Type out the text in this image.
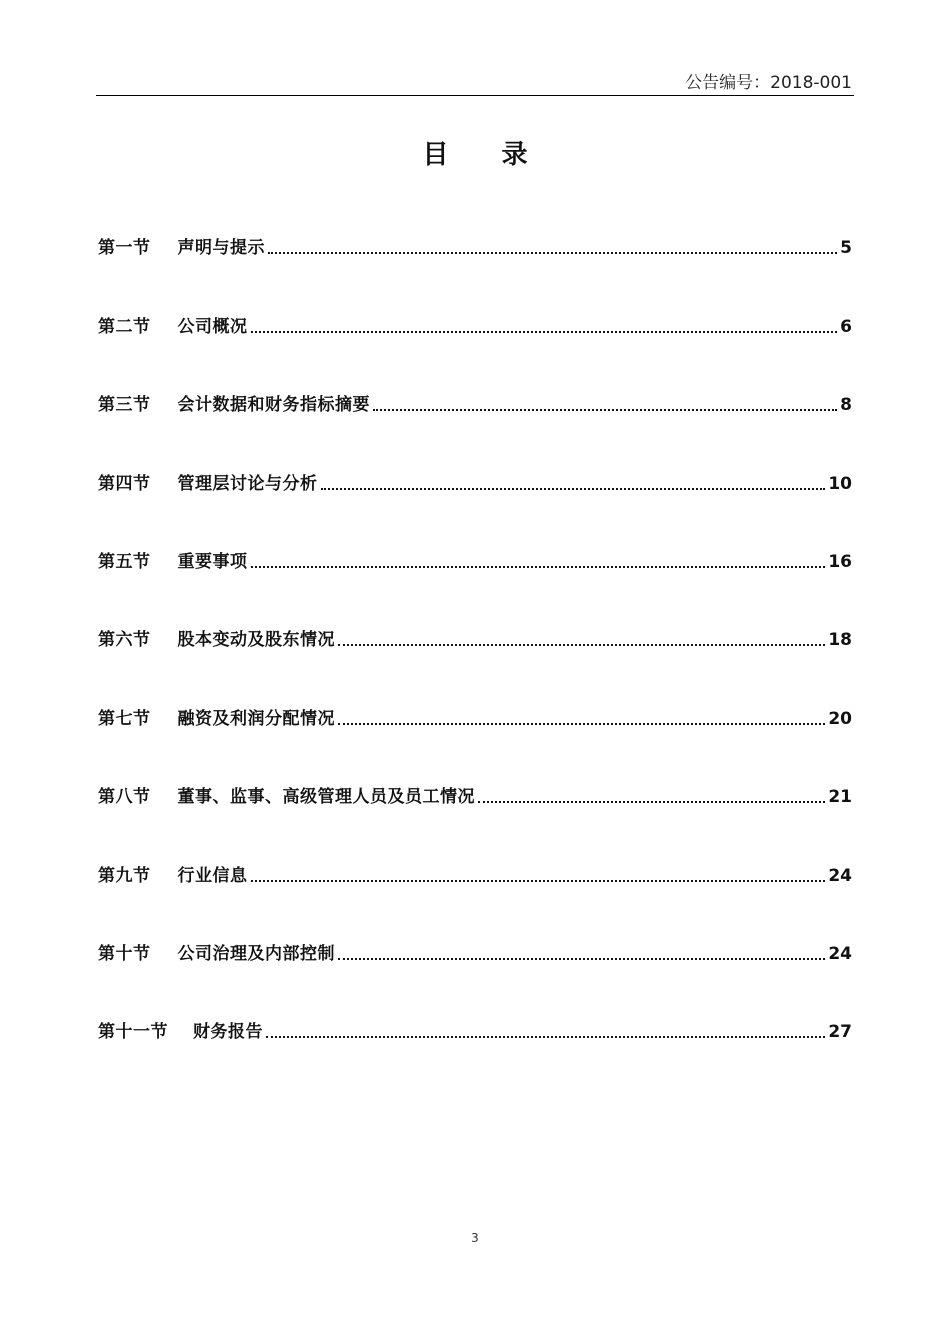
公告编号：2018-001
目 录
第一节 声明与提示	5
第二节 公司概况	6
第三节 会计数据和财务指标摘要	8
第四节 管理层讨论与分析	10
第五节 重要事项	16
第六节 股本变动及股东情况	18
第七节 融资及利润分配情况	20
第八节 董事、监事、高级管理人员及员工情况	21
第九节 行业信息	24
第十节 公司治理及内部控制	24
第十一节 财务报告	27
3
